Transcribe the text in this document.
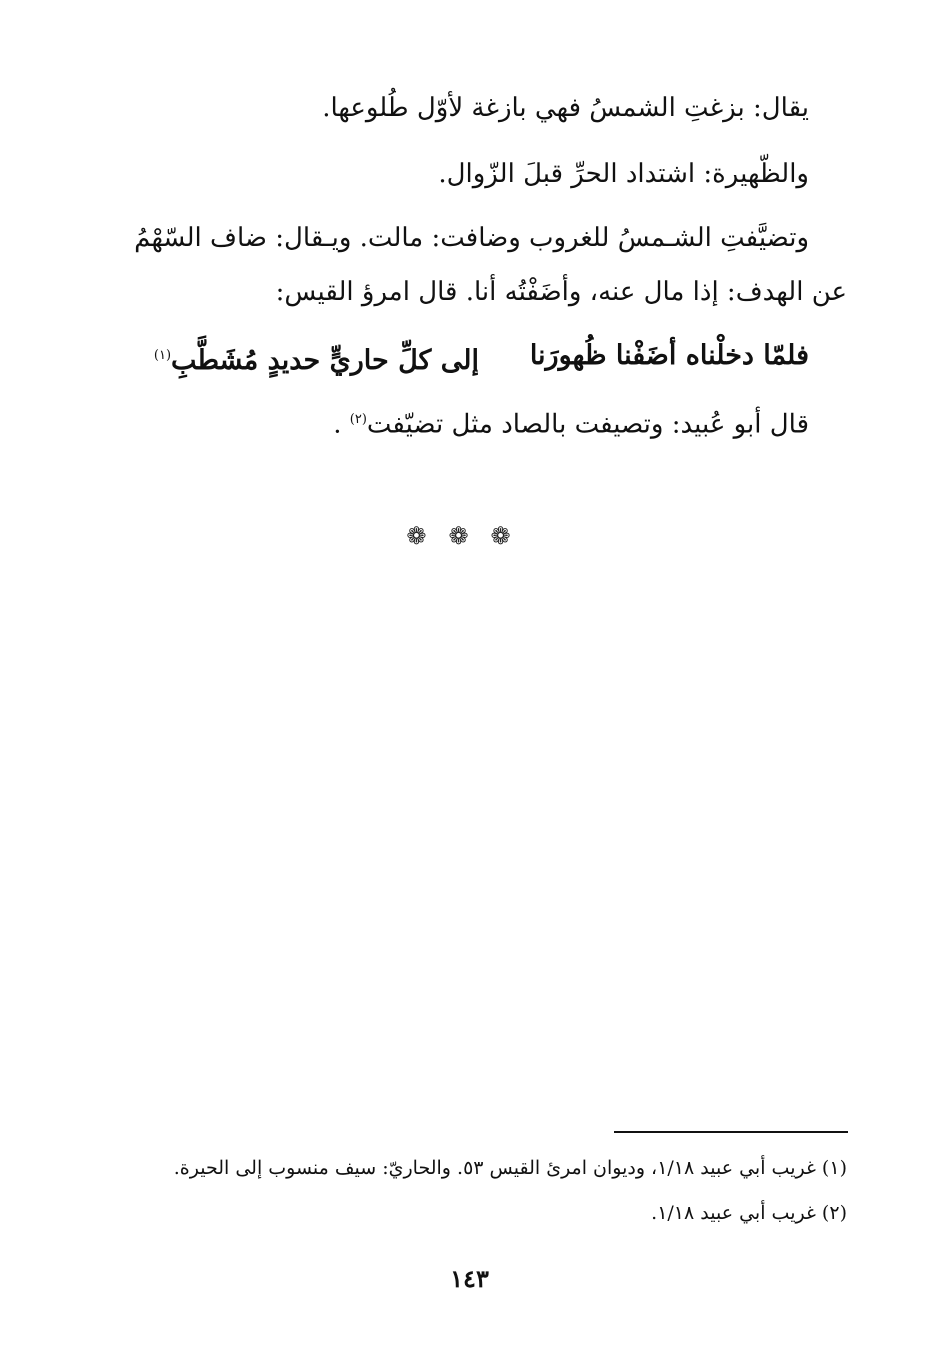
يقال: بزغتِ الشمسُ فهي بازغة لأوّل طُلوعها.
والظّهيرة: اشتداد الحرِّ قبلَ الزّوال.
وتضيَّفتِ الشـمسُ للغروب وضافت: مالت. ويـقال: ضاف السّهْمُ
عن الهدف: إذا مال عنه، وأضَفْتُه أنا. قال امرؤ القيس:
فلمّا دخلْناه أضَفْنا ظُهورَنا
إلى كلِّ حاريٍّ حديدٍ مُشَطَّبِ$^{(١)}$
قال أبو عُبيد: وتصيفت بالصاد مثل تضيّفت$^{(٢)}$ .
❁❁❁
(١) غريب أبي عبيد ١/١٨، وديوان امرئ القيس ٥٣. والحاريّ: سيف منسوب إلى الحيرة.
(٢) غريب أبي عبيد ١/١٨.
١٤٣
